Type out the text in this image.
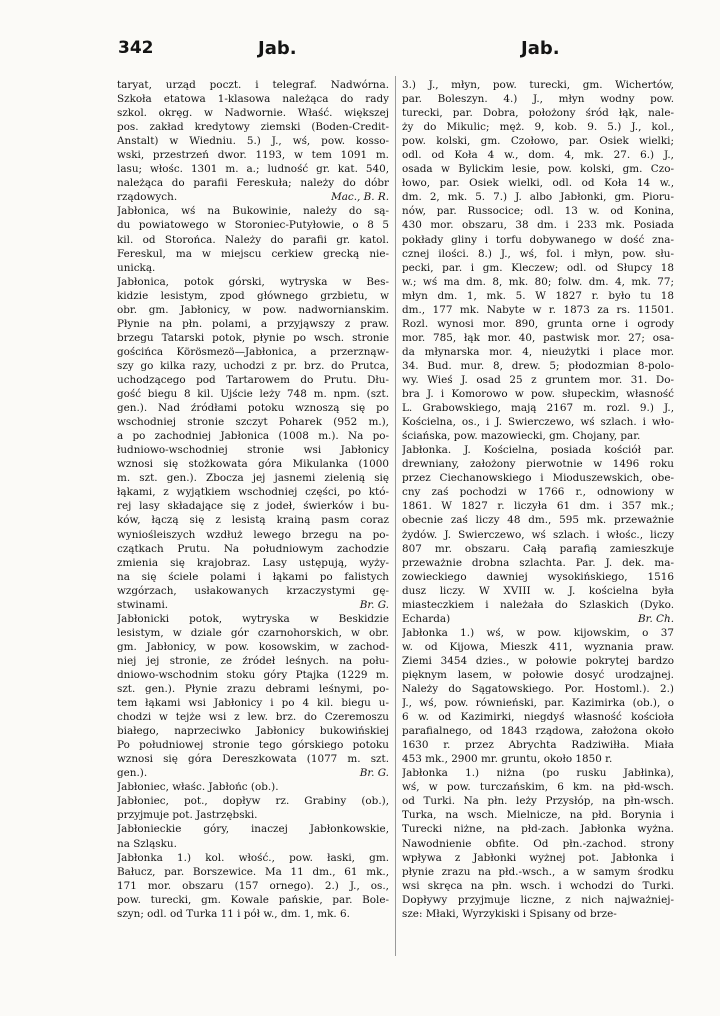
342	Jab.	Jab.
taryat, urząd poczt. i telegraf. Nadwórna.
Szkoła etatowa 1-klasowa należąca do rady
szkol. okręg. w Nadwornie. Właść. większej
pos. zakład kredytowy ziemski (Boden-Credit-
Anstalt) w Wiedniu. 5.) J., wś, pow. kosso-
wski, przestrzeń dwor. 1193, w tem 1091 m.
lasu; włośc. 1301 m. a.; ludność gr. kat. 540,
należąca do parafii Fereskuła; należy do dóbr
rządowych.	Mac., B. R.
Jabłonica, wś na Bukowinie, należy do są-
du powiatowego w Storoniec-Putyłowie, o 8 5
kil. od Storońca. Należy do parafii gr. katol.
Fereskul, ma w miejscu cerkiew grecką nie-
unicką.
Jabłonica, potok górski, wytryska w Bes-
kidzie lesistym, zpod głównego grzbietu, w
obr. gm. Jabłonicy, w pow. nadwornianskim.
Płynie na płn. polami, a przyjąwszy z praw.
brzegu Tatarski potok, płynie po wsch. stronie
gościńca Körösmezö—Jabłonica, a przerznąw-
szy go kilka razy, uchodzi z pr. brz. do Prutca,
uchodzącego pod Tartarowem do Prutu. Dłu-
gość biegu 8 kil. Ujście leży 748 m. npm. (szt.
gen.). Nad źródłami potoku wznoszą się po
wschodniej stronie szczyt Poharek (952 m.),
a po zachodniej Jabłonica (1008 m.). Na po-
łudniowo-wschodniej stronie wsi Jabłonicy
wznosi się stożkowata góra Mikulanka (1000
m. szt. gen.). Zboczа jej jasnemi zielenią się
łąkami, z wyjątkiem wschodniej części, po któ-
rej lasy składające się z jodeł, świerków i bu-
ków, łączą się z lesistą krainą pasm coraz
wyniośleiszych wzdłuż lewego brzegu na po-
czątkach Prutu. Na południowym zachodzie
zmienia się krajobraz. Lasy ustępują, wyży-
na się ściele polami i łąkami po falistych
wzgórzach, usłakowanych krzaczystymi gę-
stwinami.	Br. G.
Jabłonicki potok, wytryska w Beskidzie
lesistym, w dziale gór czarnohorskich, w obr.
gm. Jabłonicy, w pow. kosowskim, w zachod-
niej jej stronie, ze źródeł leśnych. na połu-
dniowo-wschodnim stoku góry Ptajka (1229 m.
szt. gen.). Płynie zrazu debrami leśnymi, po-
tem łąkami wsi Jabłonicy i po 4 kil. biegu u-
chodzi w tejże wsi z lew. brz. do Czeremoszu
białego, naprzeciwko Jabłonicy bukowińskiej
Po południowej stronie tego górskiego potoku
wznosi się góra Dereszkowata (1077 m. szt.
gen.).	Br. G.
Jabłoniec, właśc. Jabłońc (ob.).
Jabłoniec, pot., dopływ rz. Grabiny (ob.),
przyjmuje pot. Jastrzębski.
Jabłonieckie góry, inaczej Jabłonkowskie,
na Szląsku.
Jabłonka 1.) kol. włość., pow. łaski, gm.
Bałucz, par. Borszewice. Ma 11 dm., 61 mk.,
171 mor. obszaru (157 ornego). 2.) J., os.,
pow. turecki, gm. Kowale pańskie, par. Bole-
szyn; odl. od Turka 11 i pół w., dm. 1, mk. 6.
3.) J., młyn, pow. turecki, gm. Wichertów,
par. Boleszyn. 4.) J., młyn wodny pow.
turecki, par. Dobra, położony śród łąk, nale-
ży do Mikulic; męż. 9, kob. 9. 5.) J., kol.,
pow. kolski, gm. Czołowo, par. Osiek wielki;
odl. od Koła 4 w., dom. 4, mk. 27. 6.) J.,
osada w Bylickim lesie, pow. kolski, gm. Czo-
łowo, par. Osiek wielki, odl. od Koła 14 w.,
dm. 2, mk. 5. 7.) J. albo Jabłonki, gm. Pioru-
nów, par. Russocice; odl. 13 w. od Konina,
430 mor. obszaru, 38 dm. i 233 mk. Posiada
pokłady gliny i torfu dobywanego w dość zna-
cznej ilości. 8.) J., wś, fol. i młyn, pow. słu-
pecki, par. i gm. Kleczew; odl. od Słupcy 18
w.; wś ma dm. 8, mk. 80; folw. dm. 4, mk. 77;
młyn dm. 1, mk. 5. W 1827 r. było tu 18
dm., 177 mk. Nabyte w r. 1873 za rs. 11501.
Rozl. wynosi mor. 890, grunta orne i ogrody
mor. 785, łąk mor. 40, pastwisk mor. 27; osa-
da młynarska mor. 4, nieużytki i place mor.
34. Bud. mur. 8, drew. 5; płodozmian 8-polo-
wy. Wieś J. osad 25 z gruntem mor. 31. Do-
bra J. i Komorowo w pow. słupeckim, własność
L. Grabowskiego, mają 2167 m. rozl. 9.) J.,
Kościelna, os., i J. Swierczewo, wś szlach. i wło-
ściańska, pow. mazowiecki, gm. Chojany, par.
Jabłonka. J. Kościelna, posiada kościół par.
drewniany, założony pierwotnie w 1496 roku
przez Ciechanowskiego i Mioduszewskich, obe-
cny zaś pochodzi w 1766 r., odnowiony w
1861. W 1827 r. liczyła 61 dm. i 357 mk.;
obecnie zaś liczy 48 dm., 595 mk. przeważnie
żydów. J. Swierczewo, wś szlach. i włośc., liczy
807 mr. obszaru. Całą parafią zamieszkuje
przeważnie drobna szlachta. Par. J. dek. ma-
zowieckiego dawniej wysokińskiego, 1516
dusz liczy. W XVIII w. J. kościelna była
miasteczkiem i należała do Szlaskich (Dyko.
Echarda)	Br. Ch.
Jabłonka 1.) wś, w pow. kijowskim, o 37
w. od Kijowa, Mieszk 411, wyznania praw.
Ziemi 3454 dzies., w połowie pokrytej bardzo
pięknym lasem, w połowie dosyć urodzajnej.
Należy do Sągatowskiego. Por. Hostoml.). 2.)
J., wś, pow. równieński, par. Kazimirka (ob.), o
6 w. od Kazimirki, niegdyś własność kościoła
parafialnego, od 1843 rządowa, założona około
1630 r. przez Abrychta Radziwiłła. Miała
453 mk., 2900 mr. gruntu, około 1850 r.
Jabłonka 1.) niżna (po rusku Jabłinka),
wś, w pow. turczańskim, 6 km. na płd-wsch.
od Turki. Na płn. leży Przysłóp, na płn-wsch.
Turka, na wsch. Mielniczе, na płd. Borynia i
Turecki niżne, na płd-zach. Jabłonka wyżna.
Nawodnienie obfite. Od płn.-zachod. strony
wpływa z Jabłonki wyżnej pot. Jabłonka i
płynie zrazu na płd.-wsch., a w samym środku
wsi skręca na płn. wsch. i wchodzi do Turki.
Dopływy przyjmuje liczne, z nich najważniej-
sze: Młaki, Wyrzykiski i Spisany od brze-
